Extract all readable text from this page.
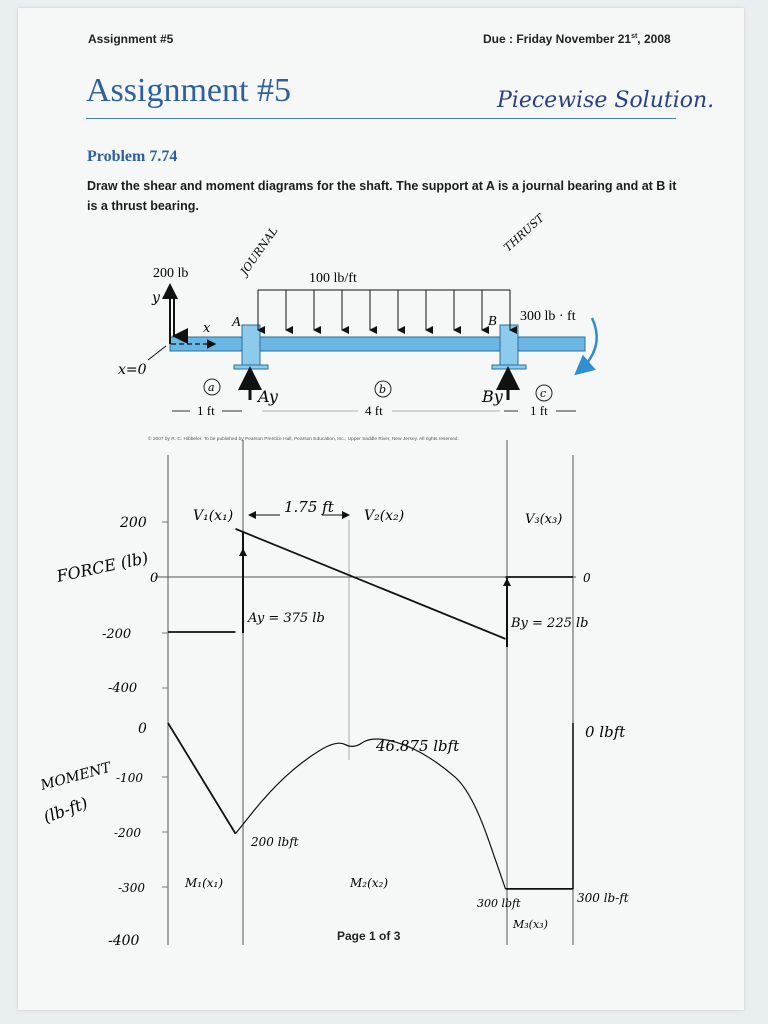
Assignment #5	Due : Friday November 21st, 2008
Assignment #5	Piecewise Solution.
Problem 7.74
Draw the shear and moment diagrams for the shaft. The support at A is a journal bearing and at B it is a thrust bearing.
© 2007 by R. C. Hibbeler. To be published by Pearson Prentice Hall, Pearson Education, Inc., Upper Saddle River, New Jersey. All rights reserved.
Page 1 of 3
200 lb	100 lb/ft
300 lb · ft
A	B
y
x
x=0
JOURNAL	THRUST
Ay	By
a	b	c
1 ft	4 ft	1 ft
200
0
-200
-400
FORCE (lb)
V₁(x₁)	1.75 ft V₂(x₂)	V₃(x₃)
Ay = 375 lb	By = 225 lb
0
0
-100
-200
-300
-400
MOMENT
(lb-ft)
46.875 lbft
200 lbft
300 lbft	300 lb-ft
0 lbft
M₁(x₁)	M₂(x₂)
M₃(x₃)
